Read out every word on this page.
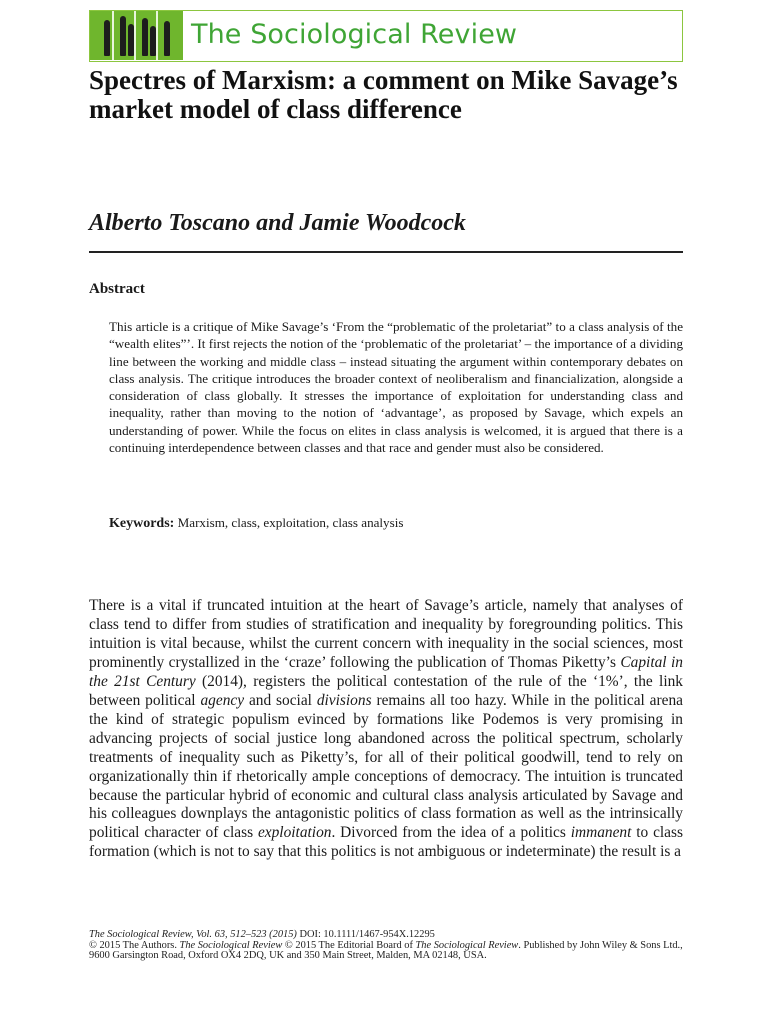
The Sociological Review
Spectres of Marxism: a comment on Mike Savage’s market model of class difference
Alberto Toscano and Jamie Woodcock
Abstract

This article is a critique of Mike Savage’s ‘From the “problematic of the proletariat” to a class analysis of the “wealth elites”’. It first rejects the notion of the ‘problematic of the proletariat’ – the importance of a dividing line between the working and middle class – instead situating the argument within contemporary debates on class analysis. The critique introduces the broader context of neoliberalism and financialization, alongside a consideration of class globally. It stresses the importance of exploitation for understanding class and inequality, rather than moving to the notion of ‘advantage’, as proposed by Savage, which expels an understanding of power. While the focus on elites in class analysis is welcomed, it is argued that there is a continuing interdependence between classes and that race and gender must also be considered.

Keywords: Marxism, class, exploitation, class analysis

There is a vital if truncated intuition at the heart of Savage’s article, namely that analyses of class tend to differ from studies of stratification and inequality by foregrounding politics. This intuition is vital because, whilst the current concern with inequality in the social sciences, most prominently crystallized in the ‘craze’ following the publication of Thomas Piketty’s Capital in the 21st Century (2014), registers the political contestation of the rule of the ‘1%’, the link between political agency and social divisions remains all too hazy. While in the political arena the kind of strategic populism evinced by formations like Podemos is very promising in advancing projects of social justice long abandoned across the political spectrum, scholarly treatments of inequality such as Piketty’s, for all of their political goodwill, tend to rely on organizationally thin if rhetorically ample conceptions of democracy. The intuition is truncated because the particular hybrid of economic and cultural class analysis articulated by Savage and his colleagues downplays the antagonistic politics of class formation as well as the intrinsically political character of class exploitation. Divorced from the idea of a politics immanent to class formation (which is not to say that this politics is not ambiguous or indeterminate) the result is a

The Sociological Review, Vol. 63, 512–523 (2015) DOI: 10.1111/1467-954X.12295

© 2015 The Authors. The Sociological Review © 2015 The Editorial Board of The Sociological Review. Published by John Wiley & Sons Ltd., 9600 Garsington Road, Oxford OX4 2DQ, UK and 350 Main Street, Malden, MA 02148, USA.
